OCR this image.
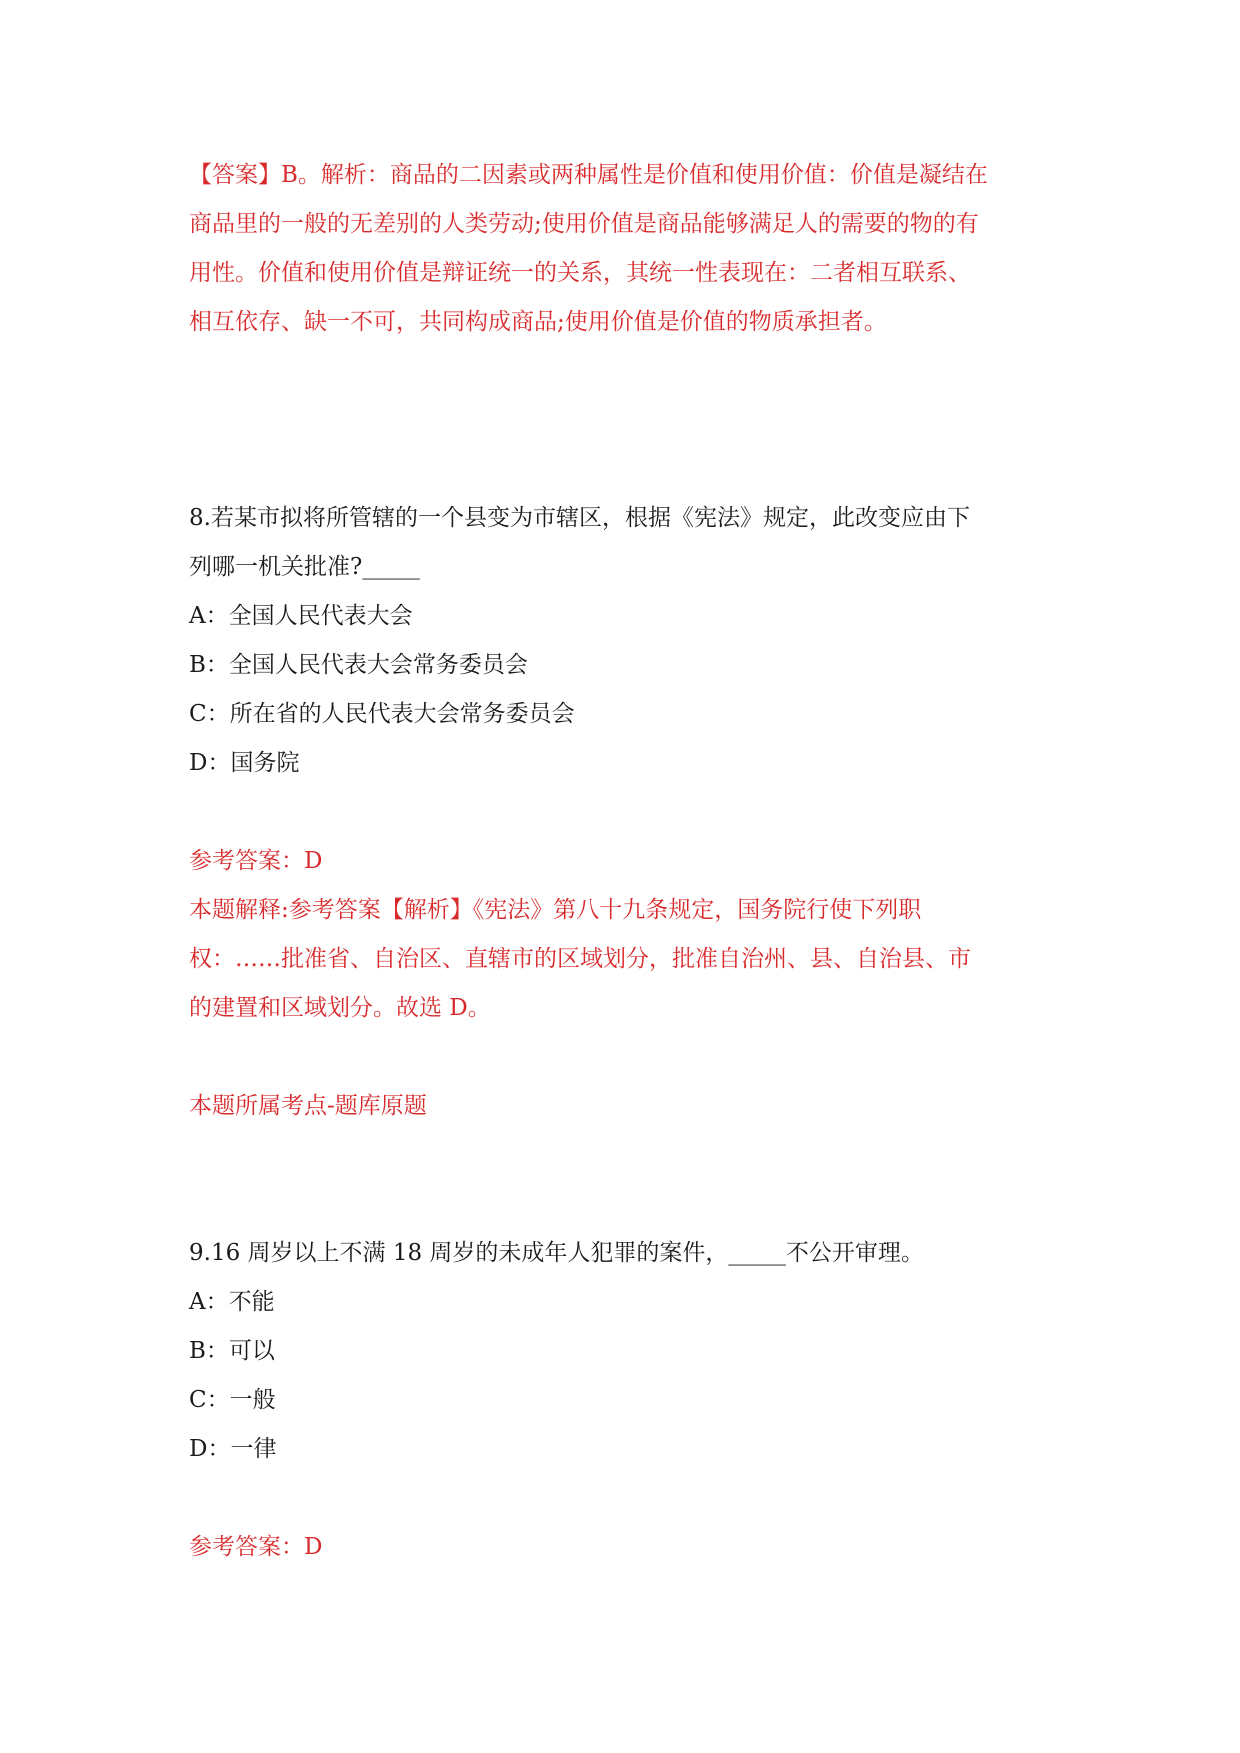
【答案】B。解析：商品的二因素或两种属性是价值和使用价值：价值是凝结在

商品里的一般的无差别的人类劳动;使用价值是商品能够满足人的需要的物的有

用性。价值和使用价值是辩证统一的关系，其统一性表现在：二者相互联系、

相互依存、缺一不可，共同构成商品;使用价值是价值的物质承担者。

8.若某市拟将所管辖的一个县变为市辖区，根据《宪法》规定，此改变应由下

列哪一机关批准?_____

A：全国人民代表大会

B：全国人民代表大会常务委员会

C：所在省的人民代表大会常务委员会

D：国务院

参考答案：D

本题解释:参考答案【解析】《宪法》第八十九条规定，国务院行使下列职

权：……批准省、自治区、直辖市的区域划分，批准自治州、县、自治县、市

的建置和区域划分。故选 D。

本题所属考点-题库原题

9.16 周岁以上不满 18 周岁的未成年人犯罪的案件，_____不公开审理。

A：不能

B：可以

C：一般

D：一律

参考答案：D
